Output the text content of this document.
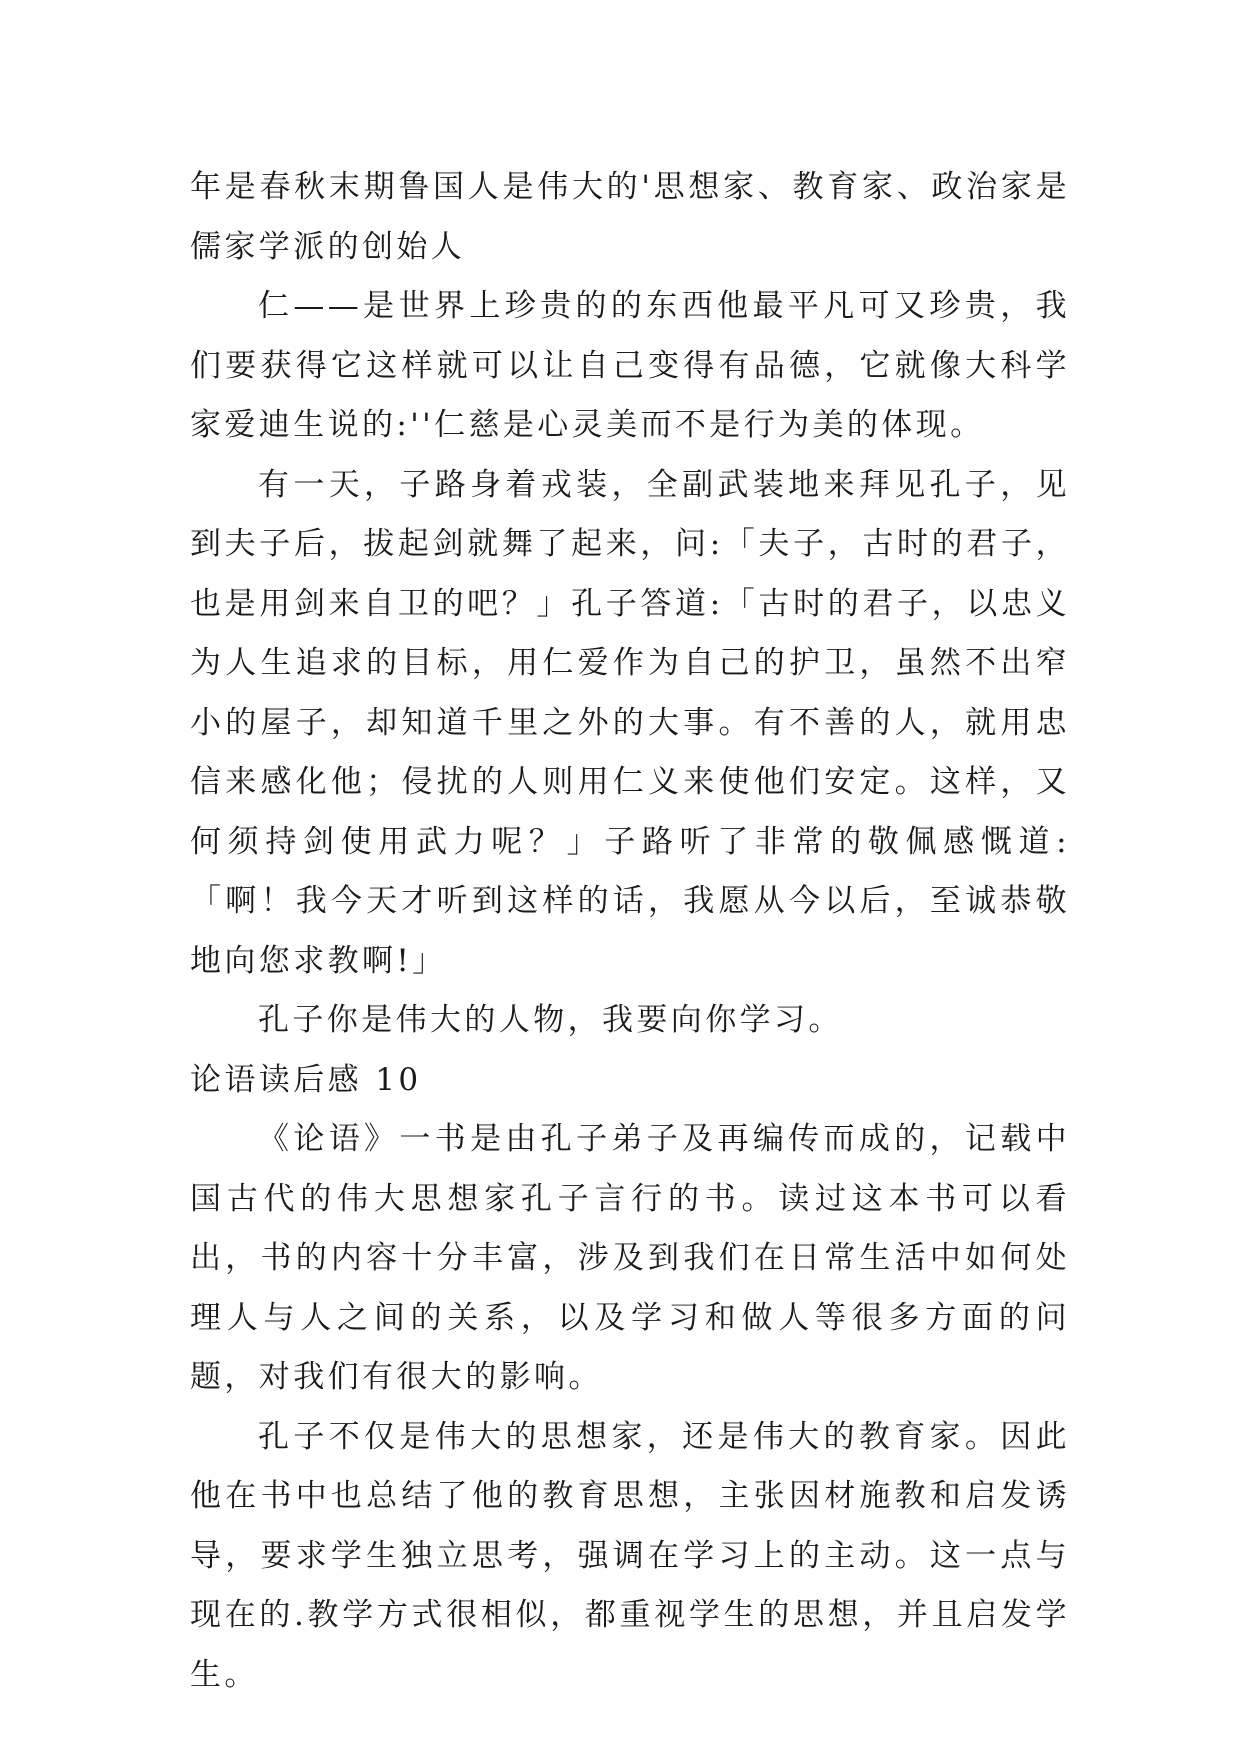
年是春秋末期鲁国人是伟大的'思想家、教育家、政治家是儒家学派的创始人

仁——是世界上珍贵的的东西他最平凡可又珍贵，我们要获得它这样就可以让自己变得有品德，它就像大科学家爱迪生说的:''仁慈是心灵美而不是行为美的体现。

有一天，子路身着戎装，全副武装地来拜见孔子，见到夫子后，拔起剑就舞了起来，问:「夫子，古时的君子，也是用剑来自卫的吧？」孔子答道:「古时的君子，以忠义为人生追求的目标，用仁爱作为自己的护卫，虽然不出窄小的屋子，却知道千里之外的大事。有不善的人，就用忠信来感化他；侵扰的人则用仁义来使他们安定。这样，又何须持剑使用武力呢？」子路听了非常的敬佩感慨道:「啊！我今天才听到这样的话，我愿从今以后，至诚恭敬地向您求教啊!」

孔子你是伟大的人物，我要向你学习。

论语读后感 10

《论语》一书是由孔子弟子及再编传而成的，记载中国古代的伟大思想家孔子言行的书。读过这本书可以看出，书的内容十分丰富，涉及到我们在日常生活中如何处理人与人之间的关系，以及学习和做人等很多方面的问题，对我们有很大的影响。

孔子不仅是伟大的思想家，还是伟大的教育家。因此他在书中也总结了他的教育思想，主张因材施教和启发诱导，要求学生独立思考，强调在学习上的主动。这一点与现在的.教学方式很相似，都重视学生的思想，并且启发学生。
